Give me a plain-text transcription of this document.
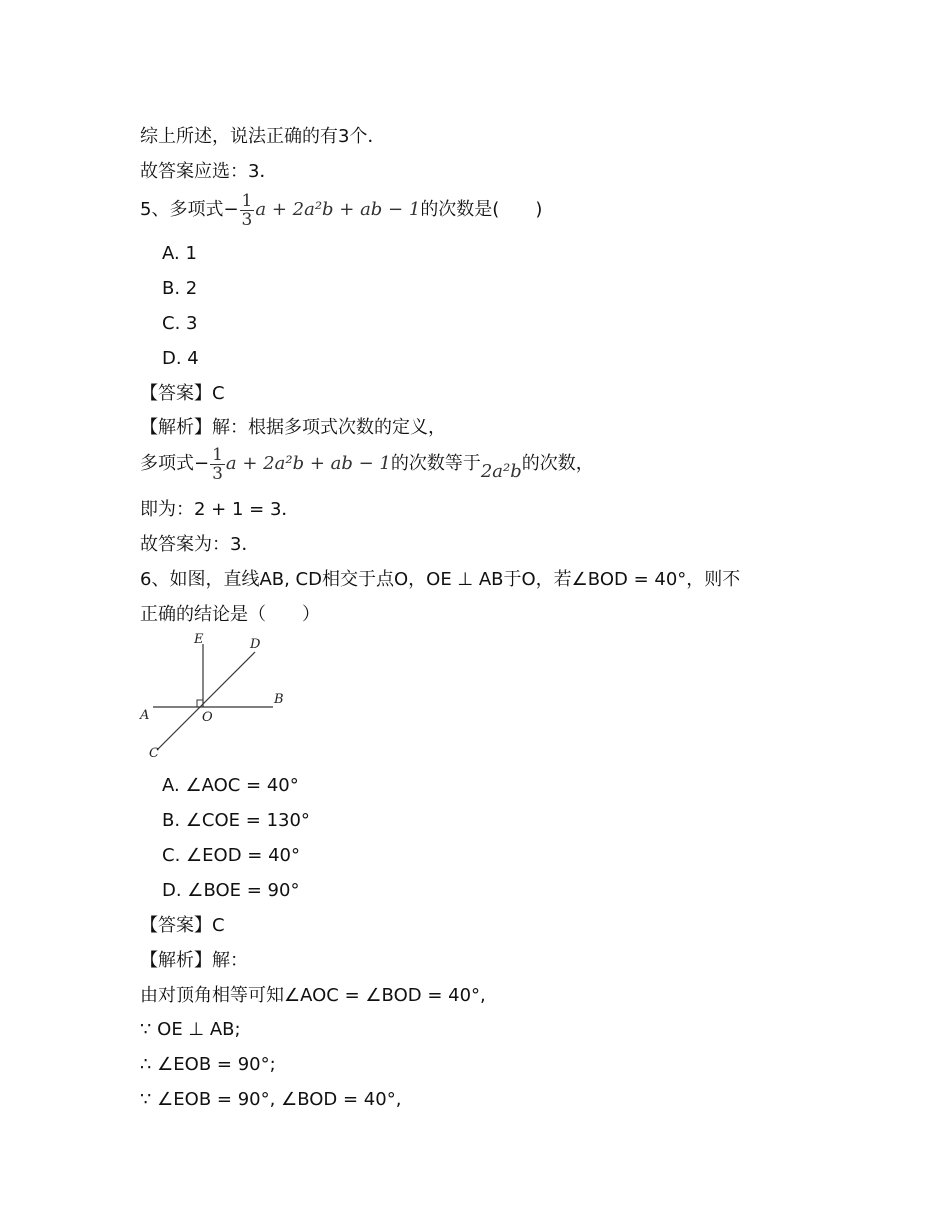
综上所述，说法正确的有3个．
故答案应选：3．
5、多项式− $\frac{1}{3}$ a + 2a²b + ab − 1的次数是(　　)
A. 1
B. 2
C. 3
D. 4
【答案】C
【解析】解：根据多项式次数的定义，
多项式− $\frac{1}{3}$ a + 2a²b + ab − 1的次数等于2a²b的次数，
即为：2 + 1 = 3．
故答案为：3．
6、如图，直线AB, CD相交于点O，OE ⊥ AB于O，若∠BOD = 40°，则不
正确的结论是（　　）
A
B
C
D
E
O
A. ∠AOC = 40°
B. ∠COE = 130°
C. ∠EOD = 40°
D. ∠BOE = 90°
【答案】C
【解析】解：
由对顶角相等可知∠AOC = ∠BOD = 40°,
∵ OE ⊥ AB;
∴ ∠EOB = 90°;
∵ ∠EOB = 90°, ∠BOD = 40°,
